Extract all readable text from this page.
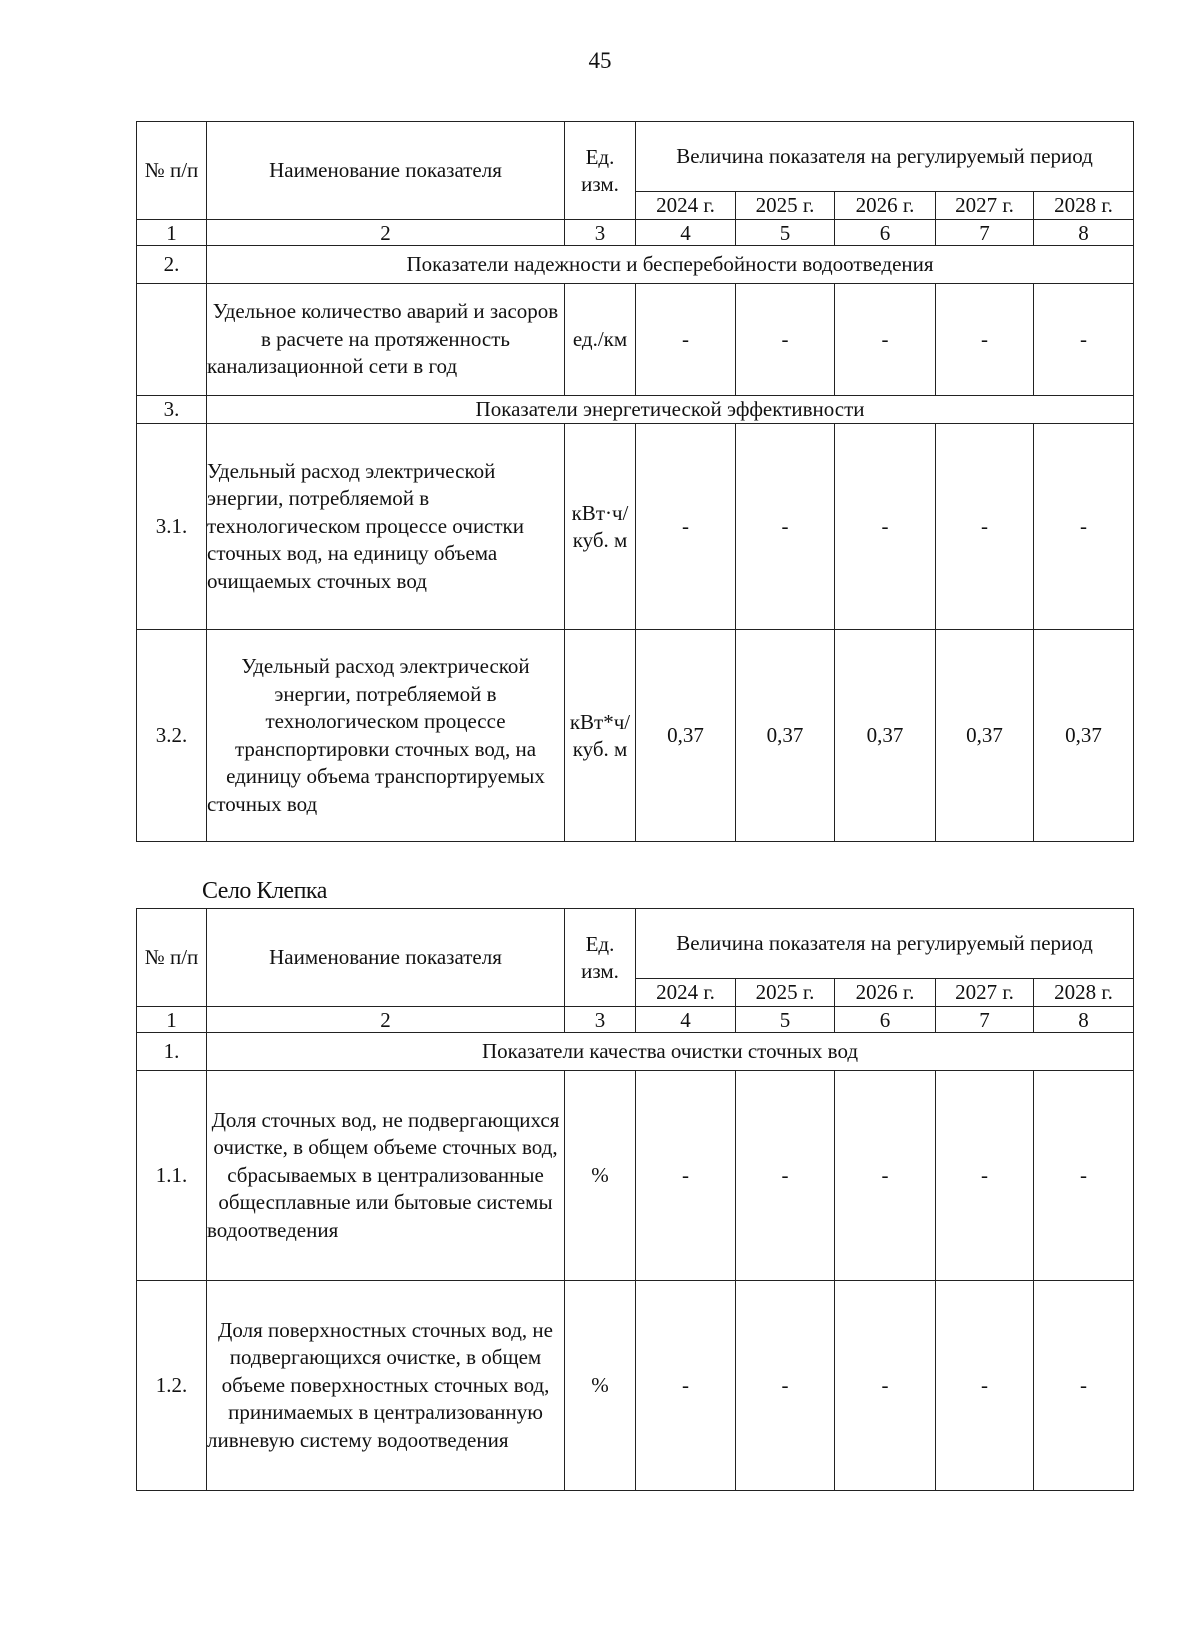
45
№ п/п	Наименование показателя	Ед. изм.	Величина показателя на регулируемый период				
			2024 г.	2025 г.	2026 г.	2027 г.	2028 г.
1	2	3	4	5	6	7	8
2.	Показатели надежности и бесперебойности водоотведения						
	Удельное количество аварий и засоров в расчете на протяженность канализационной сети в год	ед./км	-	-	-	-	-
3.	Показатели энергетической эффективности						
3.1.	Удельный расход электрической энергии, потребляемой в технологическом процессе очистки сточных вод, на единицу объема очищаемых сточных вод	кВт·ч/куб. м	-	-	-	-	-
3.2.	Удельный расход электрической энергии, потребляемой в технологическом процессе транспортировки сточных вод, на единицу объема транспортируемых сточных вод	кВт*ч/куб. м	0,37	0,37	0,37	0,37	0,37
Село Клепка
№ п/п	Наименование показателя	Ед. изм.	Величина показателя на регулируемый период				
			2024 г.	2025 г.	2026 г.	2027 г.	2028 г.
1	2	3	4	5	6	7	8
1.	Показатели качества очистки сточных вод						
1.1.	Доля сточных вод, не подвергающихся очистке, в общем объеме сточных вод, сбрасываемых в централизованные общесплавные или бытовые системы водоотведения	%	-	-	-	-	-
1.2.	Доля поверхностных сточных вод, не подвергающихся очистке, в общем объеме поверхностных сточных вод, принимаемых в централизованную ливневую систему водоотведения	%	-	-	-	-	-
